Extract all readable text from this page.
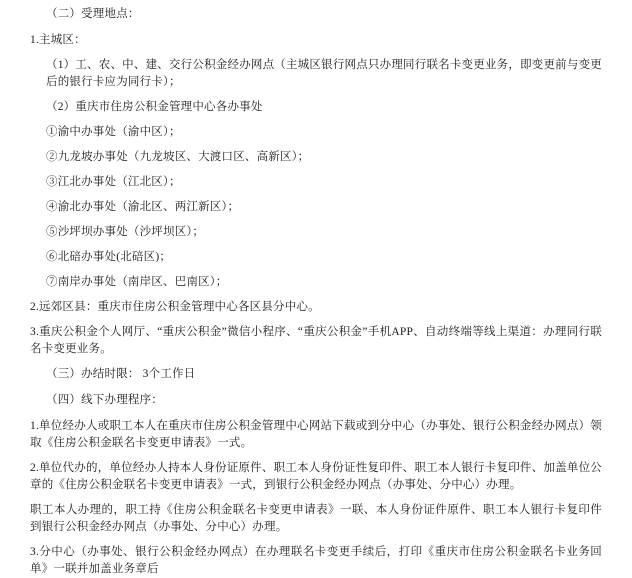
（二）受理地点：

1.主城区：

（1）工、农、中、建、交行公积金经办网点（主城区银行网点只办理同行联名卡变更业务，即变更前与变更后的银行卡应为同行卡）；

（2）重庆市住房公积金管理中心各办事处

①渝中办事处（渝中区）；

②九龙坡办事处（九龙坡区、大渡口区、高新区）；

③江北办事处（江北区）；

④渝北办事处（渝北区、两江新区）；

⑤沙坪坝办事处（沙坪坝区）；

⑥北碚办事处(北碚区)；

⑦南岸办事处（南岸区、巴南区）；

2.远郊区县：重庆市住房公积金管理中心各区县分中心。

3.重庆公积金个人网厅、“重庆公积金”微信小程序、“重庆公积金”手机APP、自动终端等线上渠道：办理同行联名卡变更业务。

（三）办结时限： 3个工作日

（四）线下办理程序：

1.单位经办人或职工本人在重庆市住房公积金管理中心网站下载或到分中心（办事处、银行公积金经办网点）领取《住房公积金联名卡变更申请表》一式。

2.单位代办的，单位经办人持本人身份证原件、职工本人身份证性复印件、职工本人银行卡复印件、加盖单位公章的《住房公积金联名卡变更申请表》一式，到银行公积金经办网点（办事处、分中心）办理。

职工本人办理的，职工持《住房公积金联名卡变更申请表》一联、本人身份证件原件、职工本人银行卡复印件到银行公积金经办网点（办事处、分中心）办理。

3.分中心（办事处、银行公积金经办网点）在办理联名卡变更手续后，打印《重庆市住房公积金联名卡业务回单》一联并加盖业务章后
